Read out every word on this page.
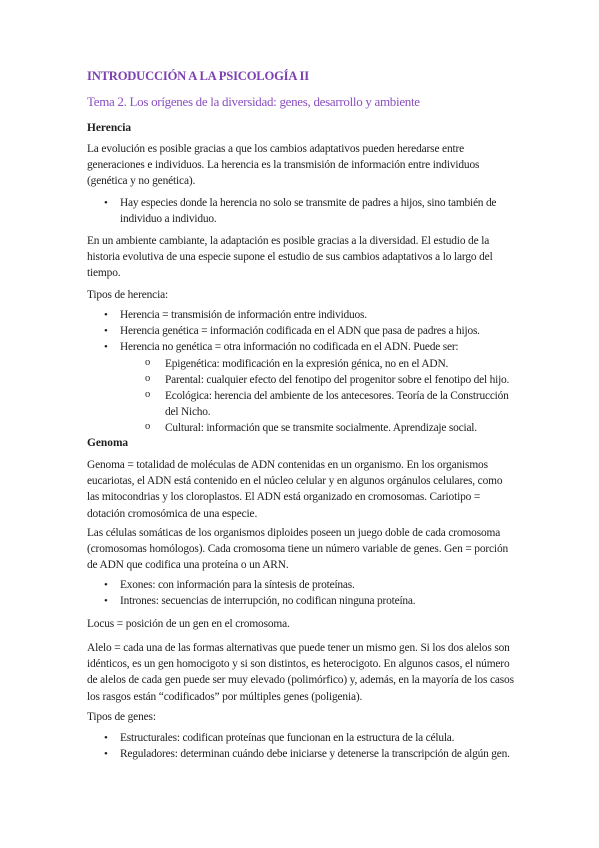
INTRODUCCIÓN A LA PSICOLOGÍA II
Tema 2. Los orígenes de la diversidad: genes, desarrollo y ambiente
Herencia
La evolución es posible gracias a que los cambios adaptativos pueden heredarse entre generaciones e individuos. La herencia es la transmisión de información entre individuos (genética y no genética).
• Hay especies donde la herencia no solo se transmite de padres a hijos, sino también de individuo a individuo.
En un ambiente cambiante, la adaptación es posible gracias a la diversidad. El estudio de la historia evolutiva de una especie supone el estudio de sus cambios adaptativos a lo largo del tiempo.
Tipos de herencia:
• Herencia = transmisión de información entre individuos.
• Herencia genética = información codificada en el ADN que pasa de padres a hijos.
• Herencia no genética = otra información no codificada en el ADN. Puede ser:
o Epigenética: modificación en la expresión génica, no en el ADN.
o Parental: cualquier efecto del fenotipo del progenitor sobre el fenotipo del hijo.
o Ecológica: herencia del ambiente de los antecesores. Teoría de la Construcción del Nicho.
o Cultural: información que se transmite socialmente. Aprendizaje social.
Genoma
Genoma = totalidad de moléculas de ADN contenidas en un organismo. En los organismos eucariotas, el ADN está contenido en el núcleo celular y en algunos orgánulos celulares, como las mitocondrias y los cloroplastos. El ADN está organizado en cromosomas. Cariotipo = dotación cromosómica de una especie.
Las células somáticas de los organismos diploides poseen un juego doble de cada cromosoma (cromosomas homólogos). Cada cromosoma tiene un número variable de genes. Gen = porción de ADN que codifica una proteína o un ARN.
• Exones: con información para la síntesis de proteínas.
• Intrones: secuencias de interrupción, no codifican ninguna proteína.
Locus = posición de un gen en el cromosoma.
Alelo = cada una de las formas alternativas que puede tener un mismo gen. Si los dos alelos son idénticos, es un gen homocigoto y si son distintos, es heterocigoto. En algunos casos, el número de alelos de cada gen puede ser muy elevado (polimórfico) y, además, en la mayoría de los casos los rasgos están “codificados” por múltiples genes (poligenia).
Tipos de genes:
• Estructurales: codifican proteínas que funcionan en la estructura de la célula.
• Reguladores: determinan cuándo debe iniciarse y detenerse la transcripción de algún gen.
